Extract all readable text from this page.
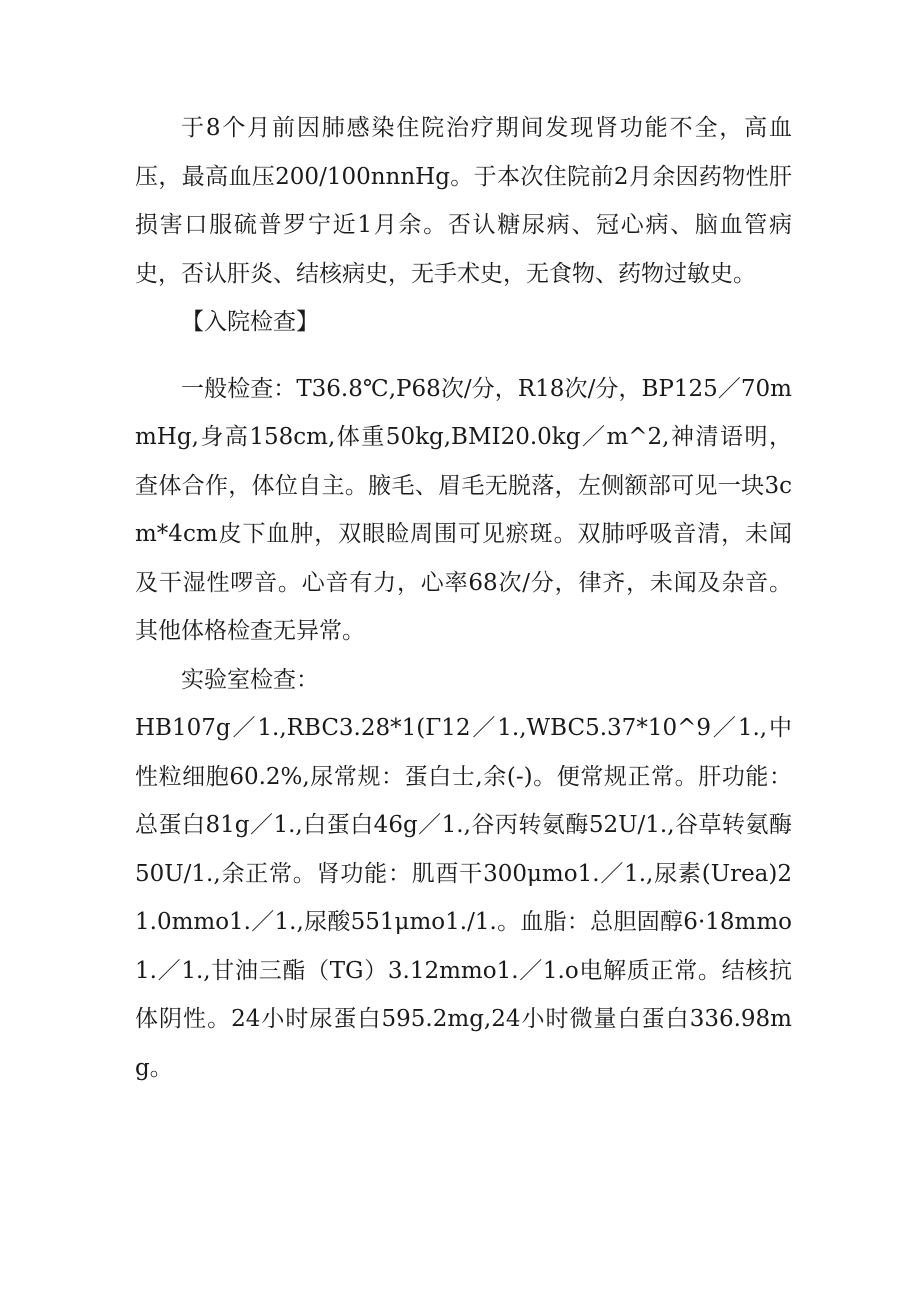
于8个月前因肺感染住院治疗期间发现肾功能不全，高血压，最高血压200/100nnnHg。于本次住院前2月余因药物性肝损害口服硫普罗宁近1月余。否认糖尿病、冠心病、脑血管病史，否认肝炎、结核病史，无手术史，无食物、药物过敏史。

【入院检查】

一般检查：T36.8℃,P68次/分，R18次/分，BP125／70mmHg,身高158cm,体重50kg,BMI20.0kg／m^2,神清语明，查体合作，体位自主。腋毛、眉毛无脱落，左侧额部可见一块3cm*4cm皮下血肿，双眼睑周围可见瘀斑。双肺呼吸音清，未闻及干湿性啰音。心音有力，心率68次/分，律齐，未闻及杂音。其他体格检查无异常。

实验室检查：

HB107g／1.,RBC3.28*1(Γ12／1.,WBC5.37*10^9／1.,中性粒细胞60.2%,尿常规：蛋白士,余(-)。便常规正常。肝功能：总蛋白81g／1.,白蛋白46g／1.,谷丙转氨酶52U/1.,谷草转氨酶50U/1.,余正常。肾功能：肌酉干300μmo1.／1.,尿素(Urea)21.0mmo1.／1.,尿酸551μmo1./1.。血脂：总胆固醇6·18mmo1.／1.,甘油三酯（TG）3.12mmo1.／1.o电解质正常。结核抗体阴性。24小时尿蛋白595.2mg,24小时微量白蛋白336.98mg。
